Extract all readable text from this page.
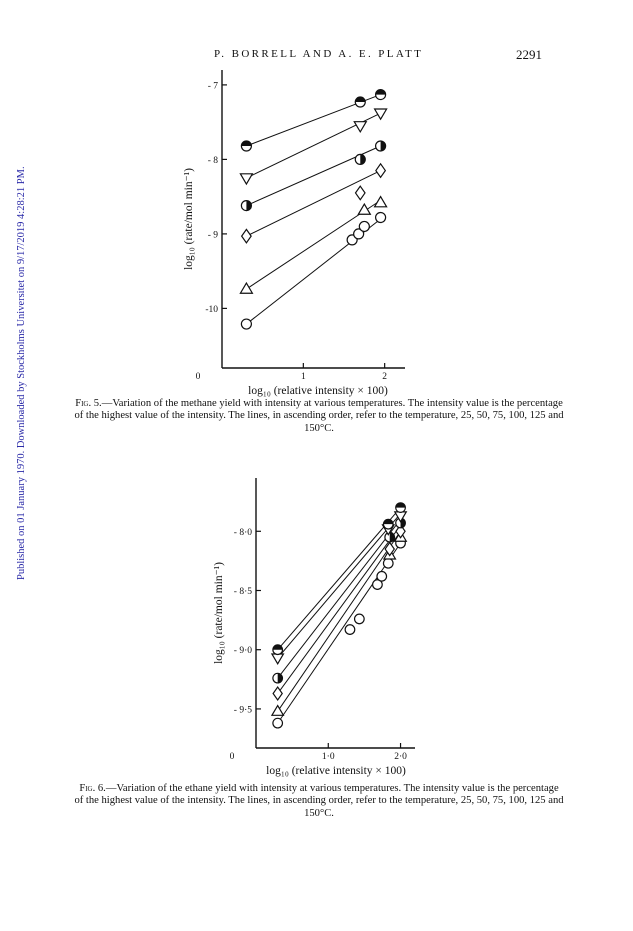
Published on 01 January 1970. Downloaded by Stockholms Universitet on 9/17/2019 4:28:21 PM.
P. BORRELL AND A. E. PLATT	2291
- 7
- 8
- 9
-10
0	1	2
log₁₀ (relative intensity × 100)
log₁₀ (rate/mol min⁻¹)
Fig. 5.—Variation of the methane yield with intensity at various temperatures. The intensity value is the percentage of the highest value of the intensity. The lines, in ascending order, refer to the temperature, 25, 50, 75, 100, 125 and 150°C.
- 8·0
- 8·5
- 9·0
- 9·5
0	1·0	2·0
log₁₀ (relative intensity × 100)
log₁₀ (rate/mol min⁻¹)
Fig. 6.—Variation of the ethane yield with intensity at various temperatures. The intensity value is the percentage of the highest value of the intensity. The lines, in ascending order, refer to the temperature, 25, 50, 75, 100, 125 and 150°C.
